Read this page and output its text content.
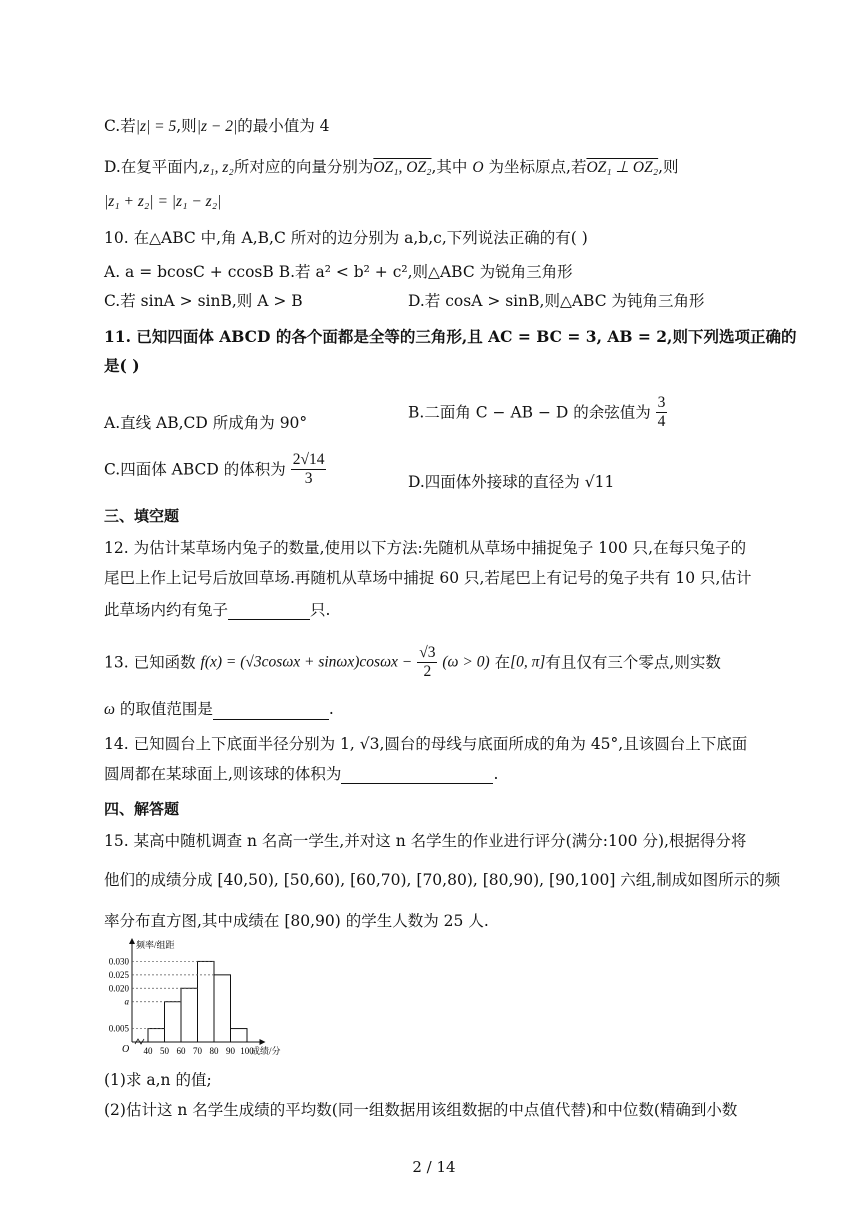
C.若|z| = 5,则|z − 2|的最小值为 4
D.在复平面内,z₁, z₂所对应的向量分别为OZ₁, OZ₂,其中 O 为坐标原点,若OZ₁ ⊥ OZ₂,则
|z₁ + z₂| = |z₁ − z₂|
10. 在△ABC 中,角 A,B,C 所对的边分别为 a,b,c,下列说法正确的有( )
A. a = bcosC + ccosB B.若 a² < b² + c²,则△ABC 为锐角三角形
C.若 sinA > sinB,则 A > B	D.若 cosA > sinB,则△ABC 为钝角三角形
11. 已知四面体 ABCD 的各个面都是全等的三角形,且 AC = BC = 3, AB = 2,则下列选项正确的
是( )
A.直线 AB,CD 所成角为 90°
B.二面角 C − AB − D 的余弦值为 $\frac{3}{4}$
C.四面体 ABCD 的体积为 $\frac{2√14}{3}$	D.四面体外接球的直径为 √11
三、填空题
12. 为估计某草场内兔子的数量,使用以下方法:先随机从草场中捕捉兔子 100 只,在每只兔子的
尾巴上作上记号后放回草场.再随机从草场中捕捉 60 只,若尾巴上有记号的兔子共有 10 只,估计
此草场内约有兔子	只.
13. 已知函数 $f(x) = (√3\cos\omega x + \sin\omega x)\cos\omega x - \frac{√3}{2} (\omega > 0)$ 在[0, π]有且仅有三个零点,则实数
ω 的取值范围是	.
14. 已知圆台上下底面半径分别为 1, √3,圆台的母线与底面所成的角为 45°,且该圆台上下底面
圆周都在某球面上,则该球的体积为	.
四、解答题
15. 某高中随机调查 n 名高一学生,并对这 n 名学生的作业进行评分(满分:100 分),根据得分将
他们的成绩分成 [40,50), [50,60), [60,70), [70,80), [80,90), [90,100] 六组,制成如图所示的频
率分布直方图,其中成绩在 [80,90) 的学生人数为 25 人.
0.005
a
0.020
0.025
0.030
40 50 60 70 80 90 100
O
频率/组距
成绩/分
(1)求 a,n 的值;
(2)估计这 n 名学生成绩的平均数(同一组数据用该组数据的中点值代替)和中位数(精确到小数
2 / 14
